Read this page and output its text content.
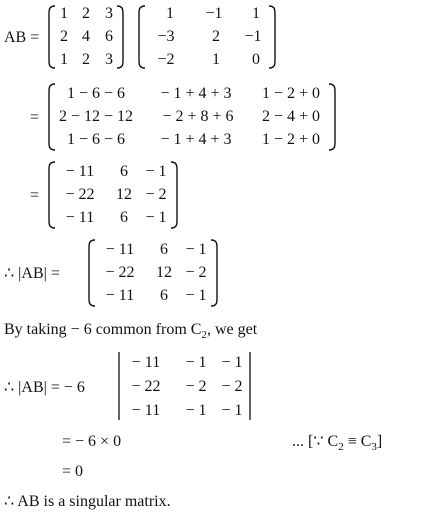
AB =
1 2 3
2 4 6
1 2 3
1 −1 1
−3 2 −1
−2 1 0
=
1 − 6 − 6 − 1 + 4 + 3 1 − 2 + 0
2 − 12 − 12 − 2 + 8 + 6 2 − 4 + 0
1 − 6 − 6 − 1 + 4 + 3 1 − 2 + 0
=
− 11 6 − 1
− 22 12 − 2
− 11 6 − 1
∴ |AB| =
− 11 6 − 1
− 22 12 − 2
− 11 6 − 1
By taking − 6 common from $C_2$, we get
∴ |AB| = − 6
− 11 − 1 − 1
− 22 − 2 − 2
− 11 − 1 − 1
= − 6 × 0	... [∵ $C_2 \equiv C_3$]
= 0
∴ AB is a singular matrix.
